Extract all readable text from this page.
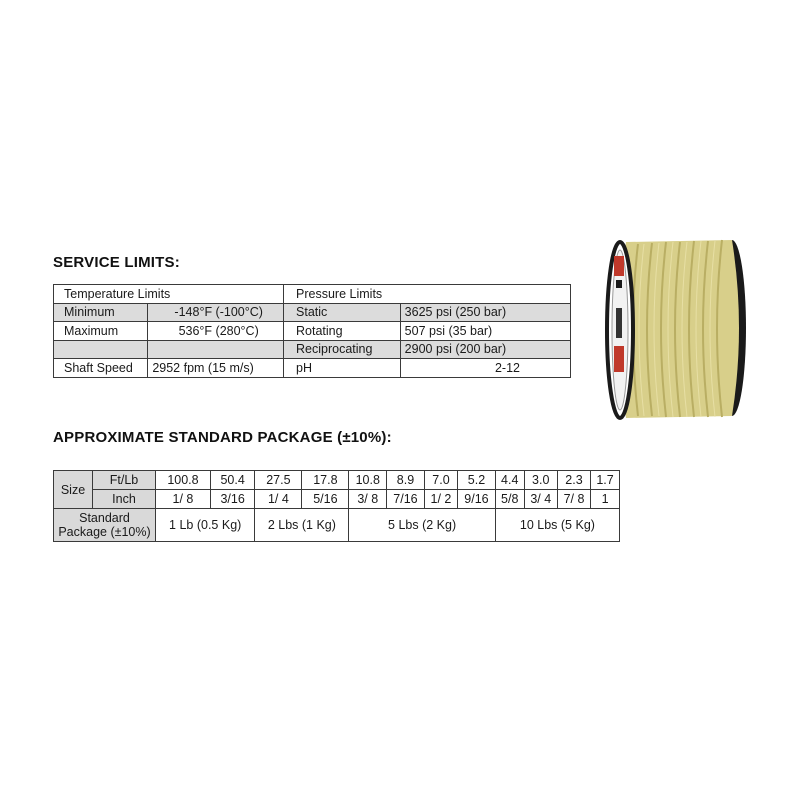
SERVICE LIMITS:
Temperature Limits		Pressure Limits	
Minimum	-148°F (-100°C)	Static	3625 psi (250 bar)
Maximum	536°F (280°C)	Rotating	507 psi (35 bar)
		Reciprocating	2900 psi (200 bar)
Shaft Speed	2952 fpm (15 m/s)	pH	2-12
APPROXIMATE STANDARD PACKAGE (±10%):
Size	Ft/Lb	100.8	50.4	27.5	17.8	10.8	8.9	7.0	5.2	4.4	3.0	2.3	1.7
	Inch	1/ 8	3/16	1/ 4	5/16	3/ 8	7/16	1/ 2	9/16	5/8	3/ 4	7/ 8	1

Standard
Package (±10%)		1 Lb (0.5 Kg)		2 Lbs (1 Kg)		5 Lbs (2 Kg)				10 Lbs (5 Kg)			
